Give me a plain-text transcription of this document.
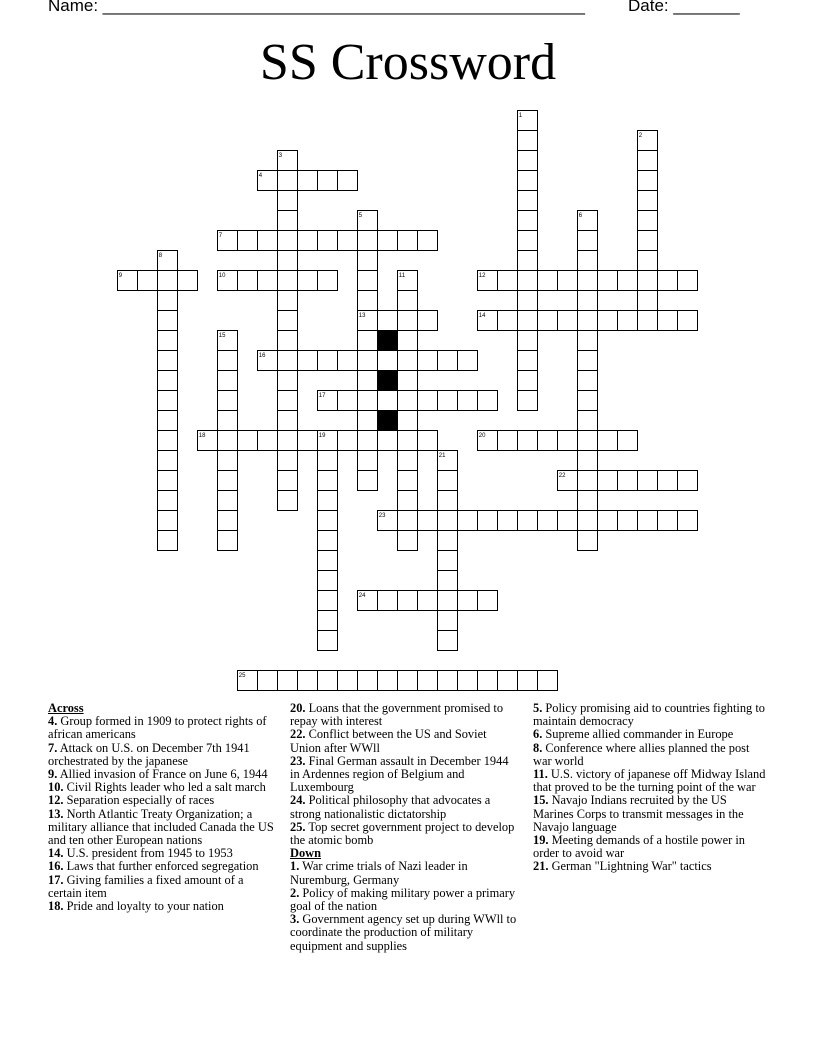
Name: ___________________________________________________	Date: _______
SS Crossword
1
2
3
4
5	6
7
8
9	10	11	12
13	14
15
16
17
18	19	20
21
22
23
24
25
Across
4. Group formed in 1909 to protect rights of african americans
7. Attack on U.S. on December 7th 1941 orchestrated by the japanese
9. Allied invasion of France on June 6, 1944
10. Civil Rights leader who led a salt march
12. Separation especially of races
13. North Atlantic Treaty Organization; a military alliance that included Canada the US and ten other European nations
14. U.S. president from 1945 to 1953
16. Laws that further enforced segregation
17. Giving families a fixed amount of a certain item
18. Pride and loyalty to your nation
20. Loans that the government promised to repay with interest
22. Conflict between the US and Soviet Union after WWll
23. Final German assault in December 1944 in Ardennes region of Belgium and Luxembourg
24. Political philosophy that advocates a strong nationalistic dictatorship
25. Top secret government project to develop the atomic bomb
Down
1. War crime trials of Nazi leader in Nuremburg, Germany
2. Policy of making military power a primary goal of the nation
3. Government agency set up during WWll to coordinate the production of military equipment and supplies
5. Policy promising aid to countries fighting to maintain democracy
6. Supreme allied commander in Europe
8. Conference where allies planned the post war world
11. U.S. victory of japanese off Midway Island that proved to be the turning point of the war
15. Navajo Indians recruited by the US Marines Corps to transmit messages in the Navajo language
19. Meeting demands of a hostile power in order to avoid war
21. German "Lightning War" tactics
